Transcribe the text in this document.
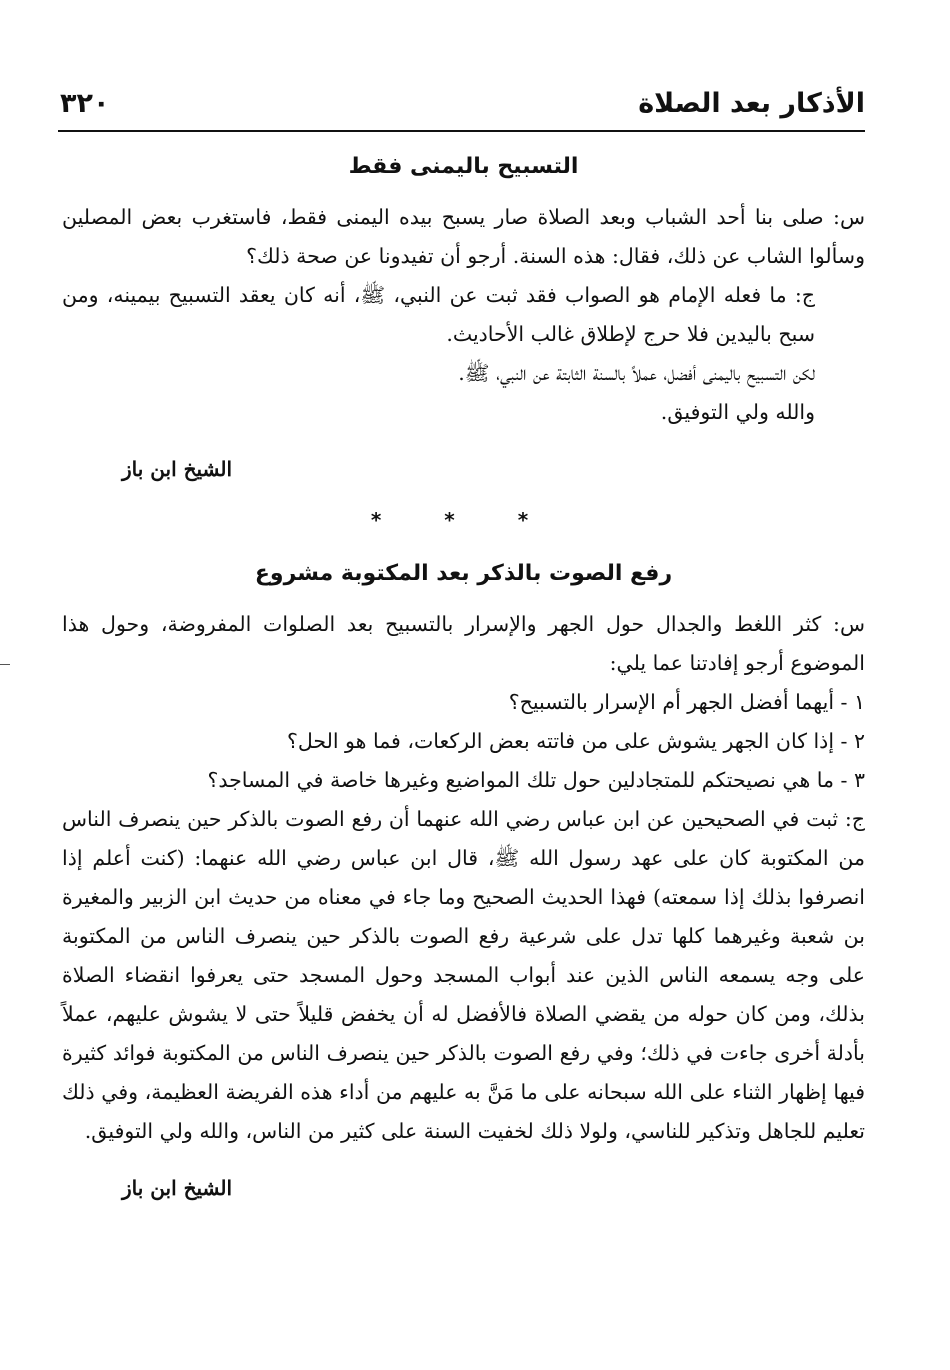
الأذكار بعد الصلاة
٣٢٠
التسبيح باليمنى فقط

س: صلى بنا أحد الشباب وبعد الصلاة صار يسبح بيده اليمنى فقط، فاستغرب بعض المصلين وسألوا الشاب عن ذلك، فقال: هذه السنة. أرجو أن تفيدونا عن صحة ذلك؟

ج: ما فعله الإمام هو الصواب فقد ثبت عن النبي، ﷺ، أنه كان يعقد التسبيح بيمينه، ومن سبح باليدين فلا حرج لإطلاق غالب الأحاديث.

لكن التسبيح باليمنى أفضل، عملاً بالسنة الثابتة عن النبي، ﷺ.

والله ولي التوفيق.

الشيخ ابن باز

* * *
رفع الصوت بالذكر بعد المكتوبة مشروع

س: كثر اللغط والجدال حول الجهر والإسرار بالتسبيح بعد الصلوات المفروضة، وحول هذا الموضوع أرجو إفادتنا عما يلي:

١ - أيهما أفضل الجهر أم الإسرار بالتسبيح؟

٢ - إذا كان الجهر يشوش على من فاتته بعض الركعات، فما هو الحل؟

٣ - ما هي نصيحتكم للمتجادلين حول تلك المواضيع وغيرها خاصة في المساجد؟

ج: ثبت في الصحيحين عن ابن عباس رضي الله عنهما أن رفع الصوت بالذكر حين ينصرف الناس من المكتوبة كان على عهد رسول الله ﷺ، قال ابن عباس رضي الله عنهما: (كنت أعلم إذا انصرفوا بذلك إذا سمعته) فهذا الحديث الصحيح وما جاء في معناه من حديث ابن الزبير والمغيرة بن شعبة وغيرهما كلها تدل على شرعية رفع الصوت بالذكر حين ينصرف الناس من المكتوبة على وجه يسمعه الناس الذين عند أبواب المسجد وحول المسجد حتى يعرفوا انقضاء الصلاة بذلك، ومن كان حوله من يقضي الصلاة فالأفضل له أن يخفض قليلاً حتى لا يشوش عليهم، عملاً بأدلة أخرى جاءت في ذلك؛ وفي رفع الصوت بالذكر حين ينصرف الناس من المكتوبة فوائد كثيرة فيها إظهار الثناء على الله سبحانه على ما مَنَّ به عليهم من أداء هذه الفريضة العظيمة، وفي ذلك تعليم للجاهل وتذكير للناسي، ولولا ذلك لخفيت السنة على كثير من الناس، والله ولي التوفيق.

الشيخ ابن باز
